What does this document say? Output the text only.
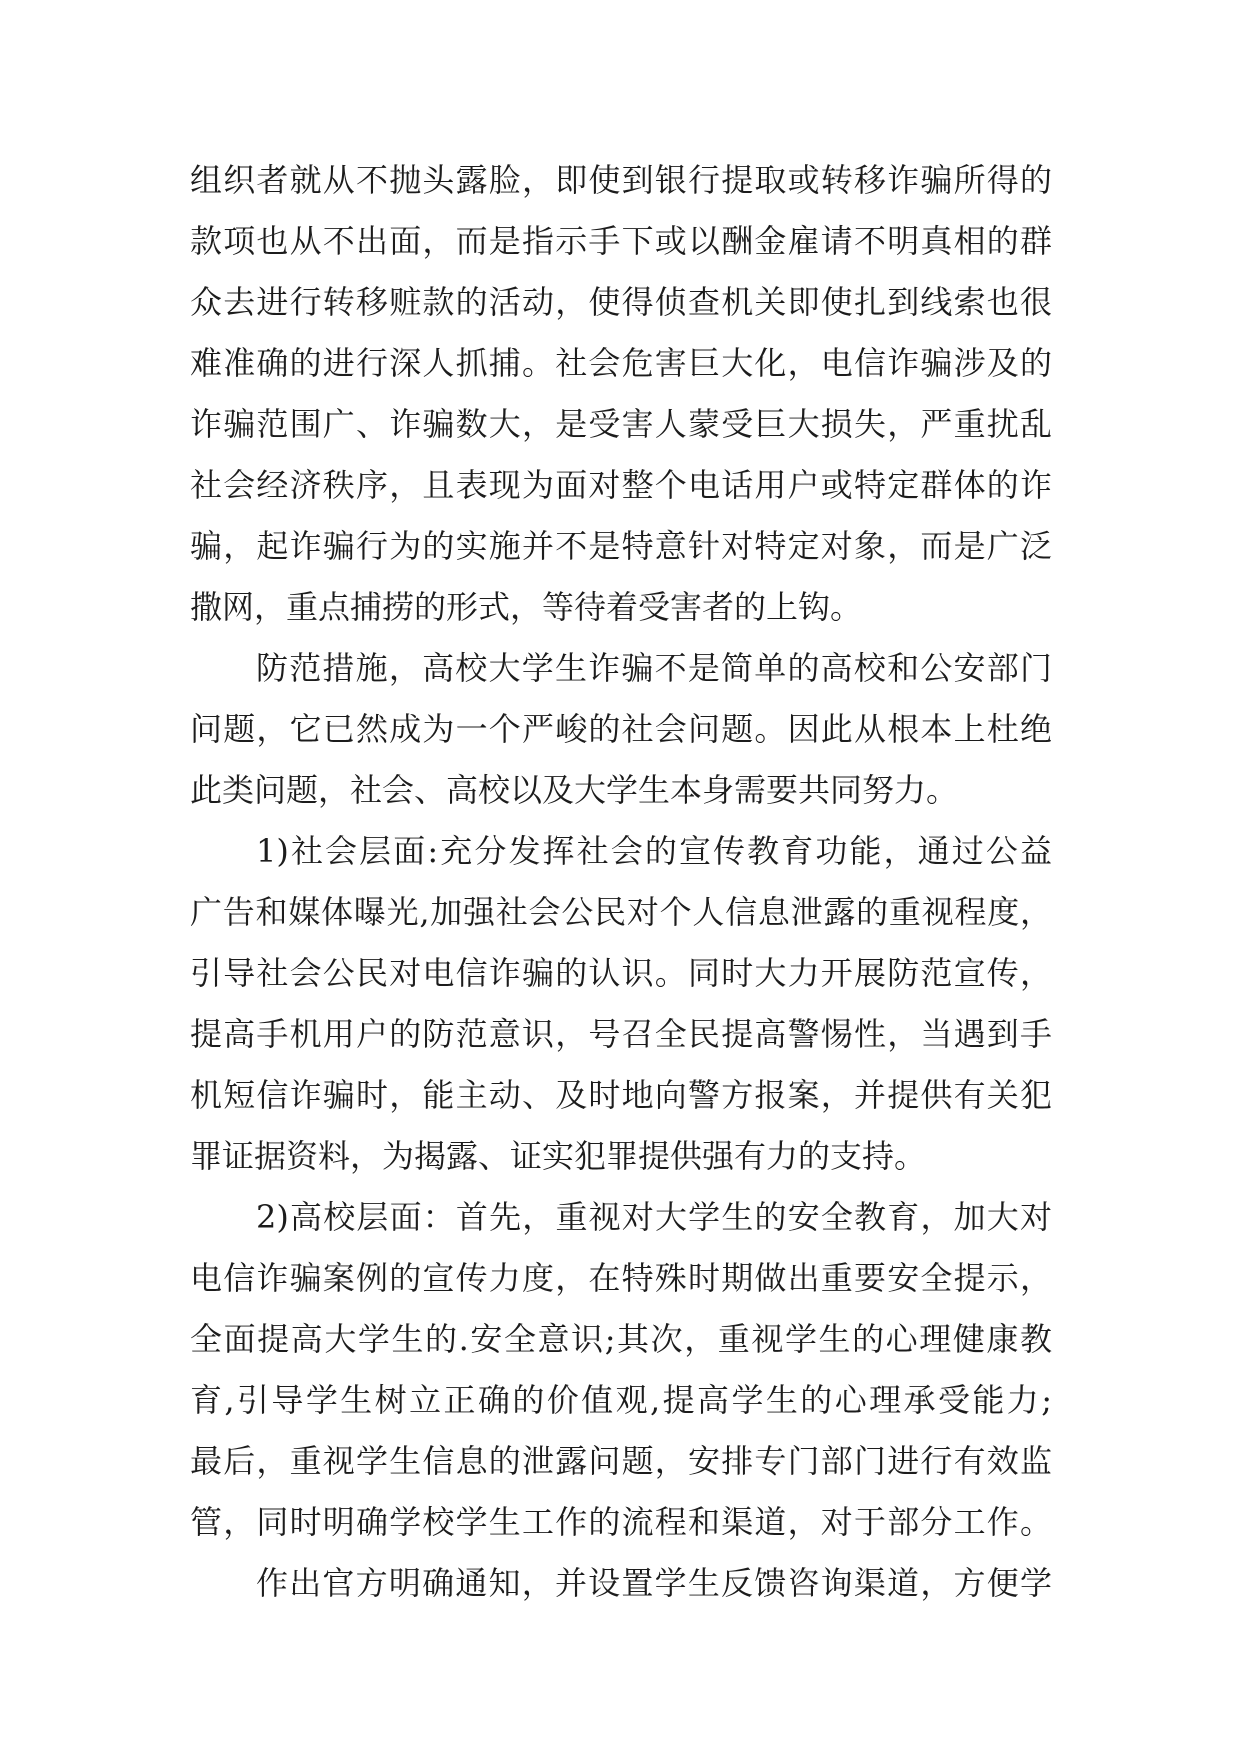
组织者就从不抛头露脸，即使到银行提取或转移诈骗所得的
款项也从不出面，而是指示手下或以酬金雇请不明真相的群
众去进行转移赃款的活动，使得侦查机关即使扎到线索也很
难准确的进行深人抓捕。社会危害巨大化，电信诈骗涉及的
诈骗范围广、诈骗数大，是受害人蒙受巨大损失，严重扰乱
社会经济秩序，且表现为面对整个电话用户或特定群体的诈
骗，起诈骗行为的实施并不是特意针对特定对象，而是广泛
撒网，重点捕捞的形式，等待着受害者的上钩。
防范措施，高校大学生诈骗不是简单的高校和公安部门
问题，它已然成为一个严峻的社会问题。因此从根本上杜绝
此类问题，社会、高校以及大学生本身需要共同努力。
1)社会层面:充分发挥社会的宣传教育功能，通过公益
广告和媒体曝光,加强社会公民对个人信息泄露的重视程度，
引导社会公民对电信诈骗的认识。同时大力开展防范宣传，
提高手机用户的防范意识，号召全民提高警惕性，当遇到手
机短信诈骗时，能主动、及时地向警方报案，并提供有关犯
罪证据资料，为揭露、证实犯罪提供强有力的支持。
2)高校层面：首先，重视对大学生的安全教育，加大对
电信诈骗案例的宣传力度，在特殊时期做出重要安全提示，
全面提高大学生的.安全意识;其次，重视学生的心理健康教
育,引导学生树立正确的价值观,提高学生的心理承受能力;
最后，重视学生信息的泄露问题，安排专门部门进行有效监
管，同时明确学校学生工作的流程和渠道，对于部分工作。
作出官方明确通知，并设置学生反馈咨询渠道，方便学
